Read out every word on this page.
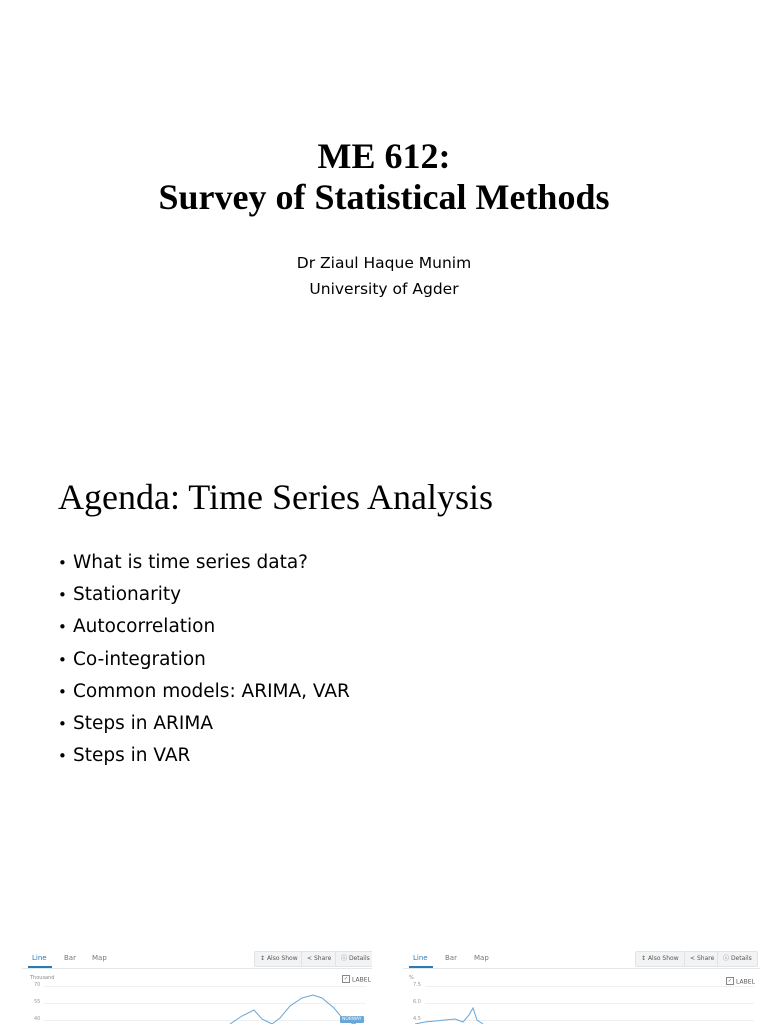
ME 612:
Survey of Statistical Methods
Dr Ziaul Haque Munim
University of Agder
Agenda: Time Series Analysis
• What is time series data?
• Stationarity
• Autocorrelation
• Co-integration
• Common models: ARIMA, VAR
• Steps in ARIMA
• Steps in VAR
Line Bar Map	↕ Also Show	< Share	ⓘ Details
Thousand
70
55
40
✓ LABEL
NORWAY
Line Bar Map	↕ Also Show	< Share	ⓘ Details
%
7.5
6.0
4.5
✓ LABEL
